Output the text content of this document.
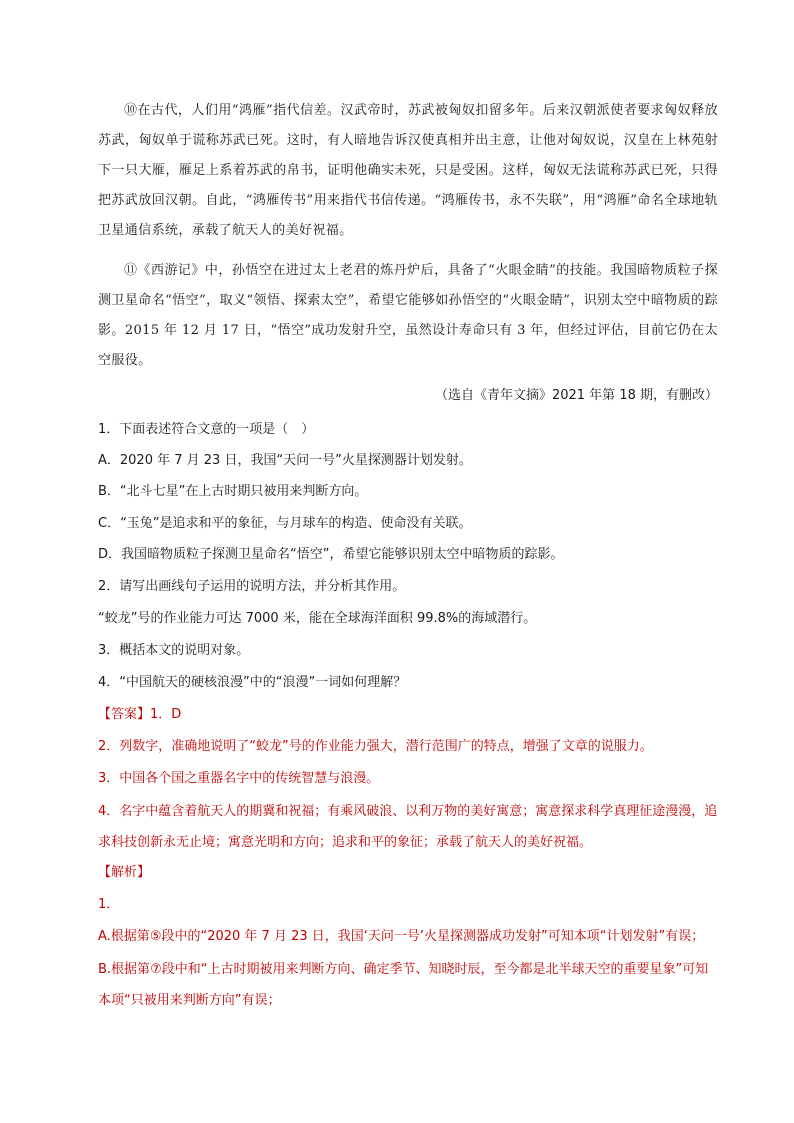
⑩在古代，人们用“鸿雁”指代信差。汉武帝时，苏武被匈奴扣留多年。后来汉朝派使者要求匈奴释放苏武，匈奴单于谎称苏武已死。这时，有人暗地告诉汉使真相并出主意，让他对匈奴说，汉皇在上林苑射下一只大雁，雁足上系着苏武的帛书，证明他确实未死，只是受困。这样，匈奴无法谎称苏武已死，只得把苏武放回汉朝。自此，“鸿雁传书”用来指代书信传递。“鸿雁传书，永不失联”，用“鸿雁”命名全球地轨卫星通信系统，承载了航天人的美好祝福。

⑪《西游记》中，孙悟空在进过太上老君的炼丹炉后，具备了“火眼金睛”的技能。我国暗物质粒子探测卫星命名“悟空”，取义“领悟、探索太空”，希望它能够如孙悟空的“火眼金睛”，识别太空中暗物质的踪影。2015 年 12 月 17 日，“悟空”成功发射升空，虽然设计寿命只有 3 年，但经过评估，目前它仍在太空服役。

（选自《青年文摘》2021 年第 18 期，有删改）

1．下面表述符合文意的一项是（　）

A．2020 年 7 月 23 日，我国“天问一号”火星探测器计划发射。

B．“北斗七星”在上古时期只被用来判断方向。

C．“玉兔”是追求和平的象征，与月球车的构造、使命没有关联。

D．我国暗物质粒子探测卫星命名“悟空”，希望它能够识别太空中暗物质的踪影。

2．请写出画线句子运用的说明方法，并分析其作用。

“蛟龙”号的作业能力可达 7000 米，能在全球海洋面积 99.8%的海域潜行。

3．概括本文的说明对象。

4．“中国航天的硬核浪漫”中的“浪漫”一词如何理解？

【答案】1．D

2．列数字，准确地说明了“蛟龙”号的作业能力强大，潜行范围广的特点，增强了文章的说服力。

3．中国各个国之重器名字中的传统智慧与浪漫。

4．名字中蕴含着航天人的期冀和祝福；有乘风破浪、以利万物的美好寓意；寓意探求科学真理征途漫漫，追求科技创新永无止境；寓意光明和方向；追求和平的象征；承载了航天人的美好祝福。

【解析】

1．

A.根据第⑤段中的“2020 年 7 月 23 日，我国‘天问一号’火星探测器成功发射”可知本项“计划发射”有误；

B.根据第⑦段中和“上古时期被用来判断方向、确定季节、知晓时辰，至今都是北半球天空的重要星象”可知本项“只被用来判断方向”有误；
